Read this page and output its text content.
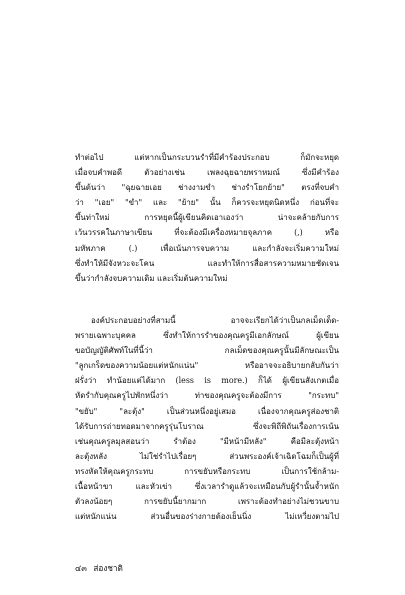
ทำต่อไป แต่หากเป็นกระบวนรำที่มีคำร้องประกอบ ก็มักจะหยุด
เมื่อจบคำพอดี ตัวอย่างเช่น เพลงฉุยฉายพราหมณ์ ซึ่งมีคำร้อง
ขึ้นต้นว่า "ฉุยฉายเอย ช่างงามขำ ช่างรำโยกย้าย" ตรงที่จบคำ
ว่า "เอย" "ขำ" และ "ย้าย" นั้น ก็ควรจะหยุดนิดหนึ่ง ก่อนที่จะ
ขึ้นท่าใหม่ การหยุดนี้ผู้เขียนคิดเอาเองว่า น่าจะคล้ายกับการ
เว้นวรรคในภาษาเขียน ที่จะต้องมีเครื่องหมายจุลภาค (,) หรือ
มหัพภาค (.) เพื่อเน้นการจบความ และกำลังจะเริ่มความใหม่
ซึ่งทำให้มีจังหวะจะโคน และทำให้การสื่อสารความหมายชัดเจน
ขึ้นว่ากำลังจบความเดิม และเริ่มต้นความใหม่
องค์ประกอบอย่างที่สามนี้ อาจจะเรียกได้ว่าเป็นกลเม็ดเด็ด-
พรายเฉพาะบุคคล ซึ่งทำให้การรำของคุณครูมีเอกลักษณ์ ผู้เขียน
ขอบัญญัติศัพท์ในที่นี้ว่า กลเม็ดของคุณครูนั้นมีลักษณะเป็น
"ลูกเกร็ดของความน้อยแต่หนักแน่น" หรืออาจจะอธิบายกลับกันว่า
ฝรั่งว่า ทำน้อยแต่ได้มาก (less is more.) ก็ได้ ผู้เขียนสังเกตเมื่อ
หัดรำกับคุณครูไปพักหนึ่งว่า ท่าของคุณครูจะต้องมีการ "กระทบ"
"ขยับ" "ละตุ้ง" เป็นส่วนหนึ่งอยู่เสมอ เนื่องจากคุณครูส่องชาติ
ได้รับการถ่ายทอดมาจากครูรุ่นโบราณ ซึ่งจะพิถีพิถันเรื่องการเน้น
เช่นคุณครูลมุลสอนว่า รำต้อง "มีหน้ามีหลัง" คือมีละตุ้งหน้า
ละตุ้งหลัง ไม่ใช่รำไปเรื่อยๆ ส่วนพระองค์เจ้าเฉิดโฉมก็เป็นผู้ที่
ทรงหัดให้คุณครูกระทบ การขยับหรือกระทบ เป็นการใช้กล้าม-
เนื้อหน้าขา และหัวเข่า ซึ่งเวลารำดูแล้วจะเหมือนกับผู้รำนั้นจ้ำหนัก
ตัวลงน้อยๆ การขยับนี้ยากมาก เพราะต้องทำอย่างไม่ชวนขาบ
แต่หนักแน่น ส่วนอื่นของร่างกายต้องเย็นนิ่ง ไม่เหวี่ยงตามไป
๔๓ ส่องชาติ
